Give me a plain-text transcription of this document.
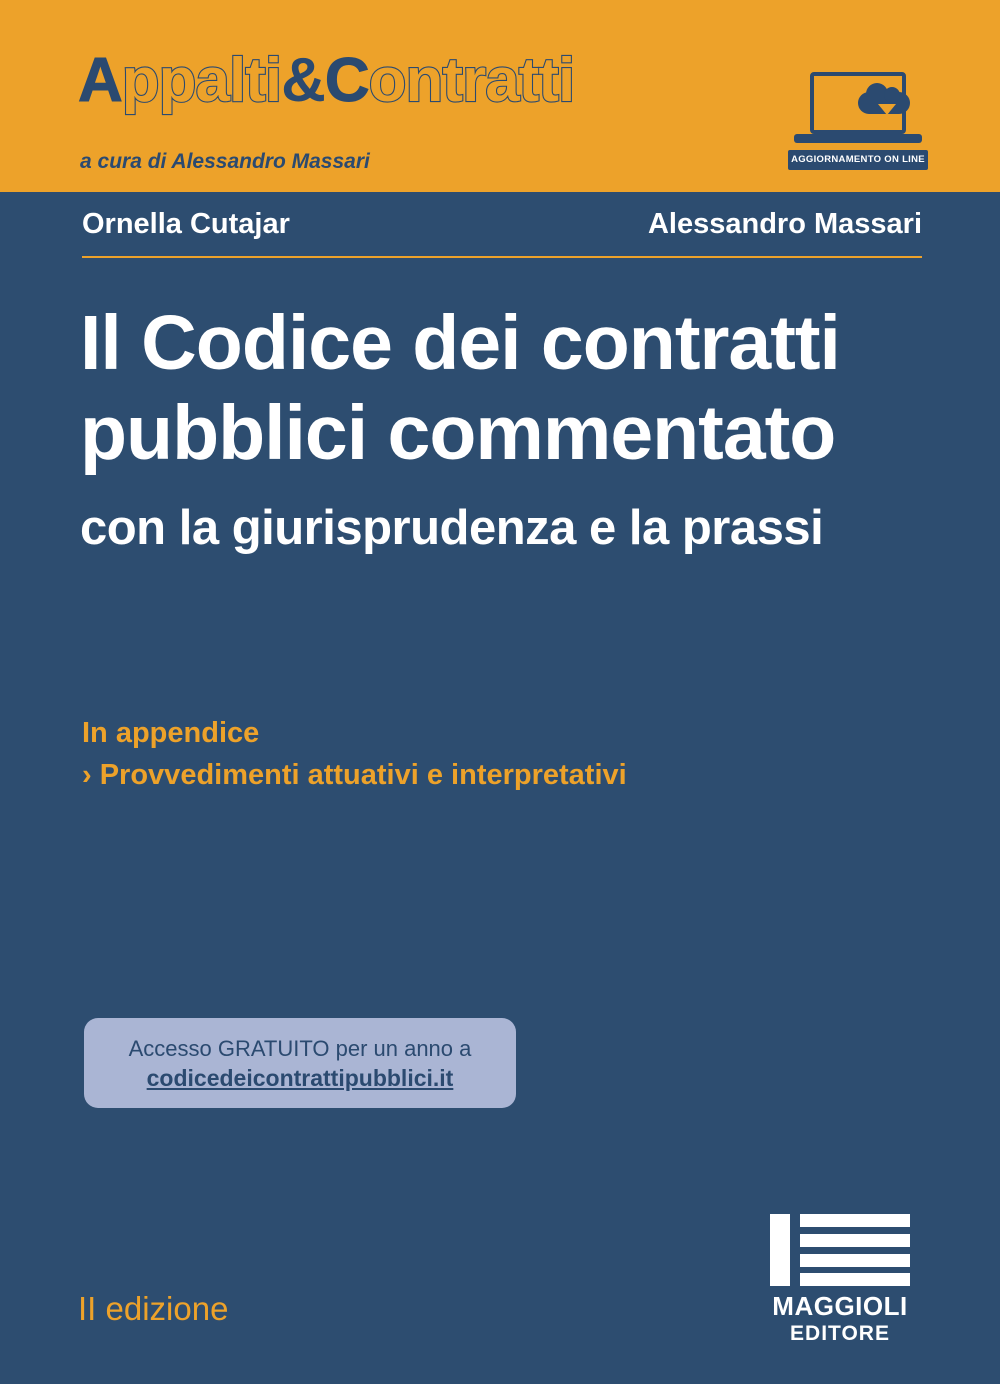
Appalti&Contratti
a cura di Alessandro Massari	AGGIORNAMENTO ON LINE
Ornella Cutajar	Alessandro Massari
Il Codice dei contratti
pubblici commentato
con la giurisprudenza e la prassi
In appendice
› Provvedimenti attuativi e interpretativi
Accesso GRATUITO per un anno a
codicedeicontrattipubblici.it
II edizione	MAGGIOLI
EDITORE
